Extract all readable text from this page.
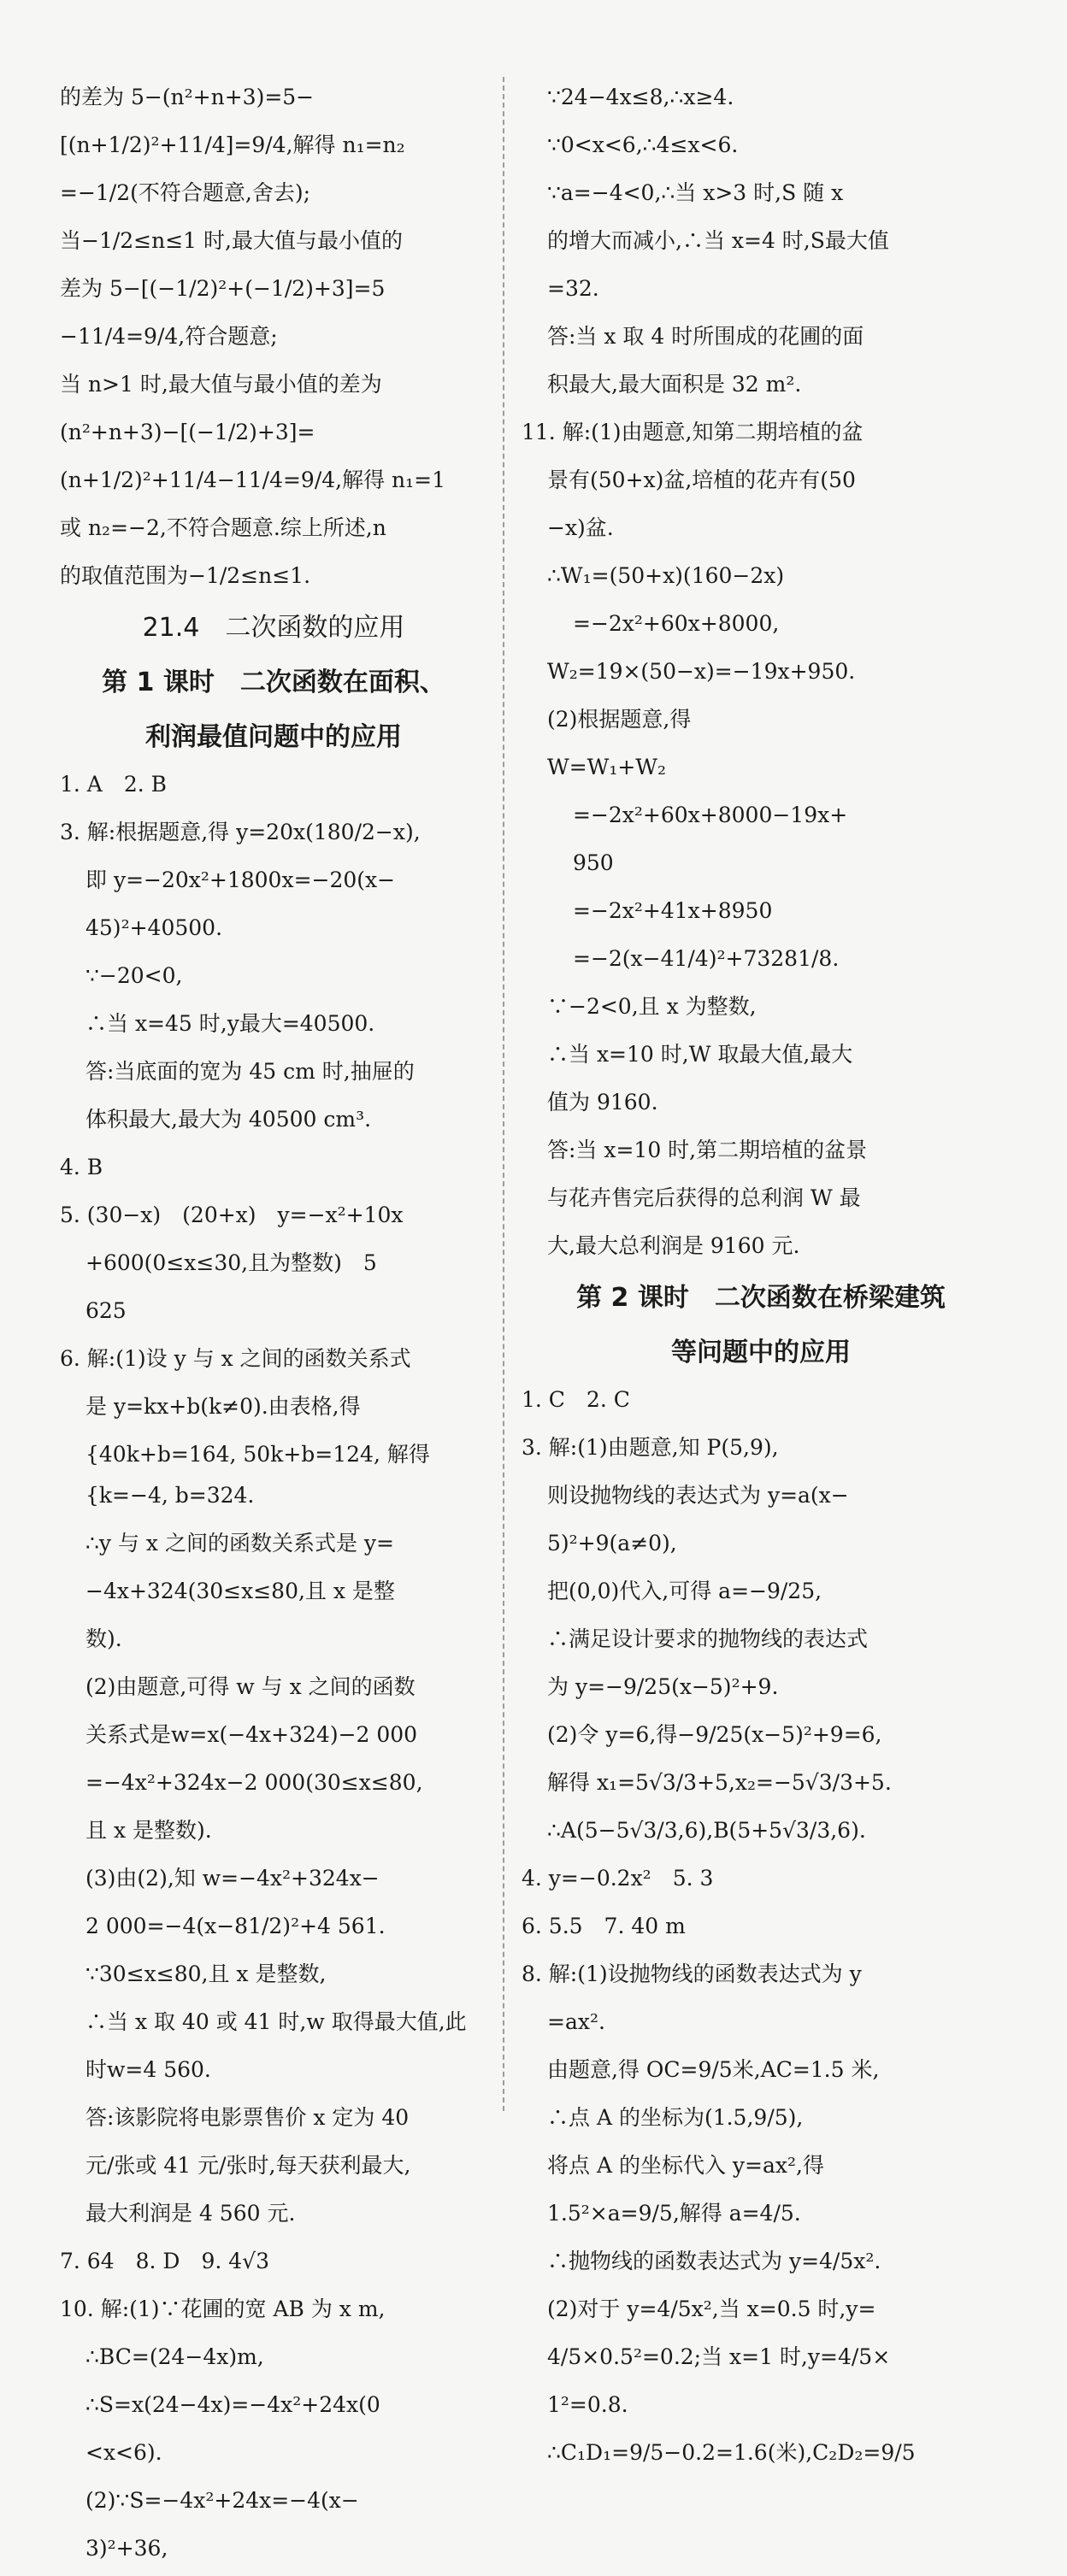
的差为 5−(n²+n+3)=5−

[(n+1/2)²+11/4]=9/4,解得 n₁=n₂

=−1/2(不符合题意,舍去);

当−1/2≤n≤1 时,最大值与最小值的

差为 5−[(−1/2)²+(−1/2)+3]=5

−11/4=9/4,符合题意;

当 n>1 时,最大值与最小值的差为

(n²+n+3)−[(−1/2)+3]=

(n+1/2)²+11/4−11/4=9/4,解得 n₁=1

或 n₂=−2,不符合题意.综上所述,n

的取值范围为−1/2≤n≤1.

21.4　二次函数的应用

第 1 课时　二次函数在面积、

利润最值问题中的应用

1. A　2. B

3. 解:根据题意,得 y=20x(180/2−x),

即 y=−20x²+1800x=−20(x−

45)²+40500.

∵−20<0,

∴当 x=45 时,y最大=40500.

答:当底面的宽为 45 cm 时,抽屉的

体积最大,最大为 40500 cm³.

4. B

5. (30−x)　(20+x)　y=−x²+10x

+600(0≤x≤30,且为整数)　5

625

6. 解:(1)设 y 与 x 之间的函数关系式

是 y=kx+b(k≠0).由表格,得

{40k+b=164, 50k+b=124, 解得 {k=−4, b=324.

∴y 与 x 之间的函数关系式是 y=

−4x+324(30≤x≤80,且 x 是整

数).

(2)由题意,可得 w 与 x 之间的函数

关系式是w=x(−4x+324)−2 000

=−4x²+324x−2 000(30≤x≤80,

且 x 是整数).

(3)由(2),知 w=−4x²+324x−

2 000=−4(x−81/2)²+4 561.

∵30≤x≤80,且 x 是整数,

∴当 x 取 40 或 41 时,w 取得最大值,此

时w=4 560.

答:该影院将电影票售价 x 定为 40

元/张或 41 元/张时,每天获利最大,

最大利润是 4 560 元.

7. 64　8. D　9. 4√3

10. 解:(1)∵花圃的宽 AB 为 x m,

∴BC=(24−4x)m,

∴S=x(24−4x)=−4x²+24x(0

<x<6).

(2)∵S=−4x²+24x=−4(x−

3)²+36,

∵24−4x≤8,∴x≥4.

∵0<x<6,∴4≤x<6.

∵a=−4<0,∴当 x>3 时,S 随 x

的增大而减小,∴当 x=4 时,S最大值

=32.

答:当 x 取 4 时所围成的花圃的面

积最大,最大面积是 32 m².

11. 解:(1)由题意,知第二期培植的盆

景有(50+x)盆,培植的花卉有(50

−x)盆.

∴W₁=(50+x)(160−2x)

=−2x²+60x+8000,

W₂=19×(50−x)=−19x+950.

(2)根据题意,得

W=W₁+W₂

=−2x²+60x+8000−19x+

950

=−2x²+41x+8950

=−2(x−41/4)²+73281/8.

∵−2<0,且 x 为整数,

∴当 x=10 时,W 取最大值,最大

值为 9160.

答:当 x=10 时,第二期培植的盆景

与花卉售完后获得的总利润 W 最

大,最大总利润是 9160 元.

第 2 课时　二次函数在桥梁建筑

等问题中的应用

1. C　2. C

3. 解:(1)由题意,知 P(5,9),

则设抛物线的表达式为 y=a(x−

5)²+9(a≠0),

把(0,0)代入,可得 a=−9/25,

∴满足设计要求的抛物线的表达式

为 y=−9/25(x−5)²+9.

(2)令 y=6,得−9/25(x−5)²+9=6,

解得 x₁=5√3/3+5,x₂=−5√3/3+5.

∴A(5−5√3/3,6),B(5+5√3/3,6).

4. y=−0.2x²　5. 3

6. 5.5　7. 40 m

8. 解:(1)设抛物线的函数表达式为 y

=ax².

由题意,得 OC=9/5米,AC=1.5 米,

∴点 A 的坐标为(1.5,9/5),

将点 A 的坐标代入 y=ax²,得

1.5²×a=9/5,解得 a=4/5.

∴抛物线的函数表达式为 y=4/5x².

(2)对于 y=4/5x²,当 x=0.5 时,y=

4/5×0.5²=0.2;当 x=1 时,y=4/5×

1²=0.8.

∴C₁D₁=9/5−0.2=1.6(米),C₂D₂=9/5
